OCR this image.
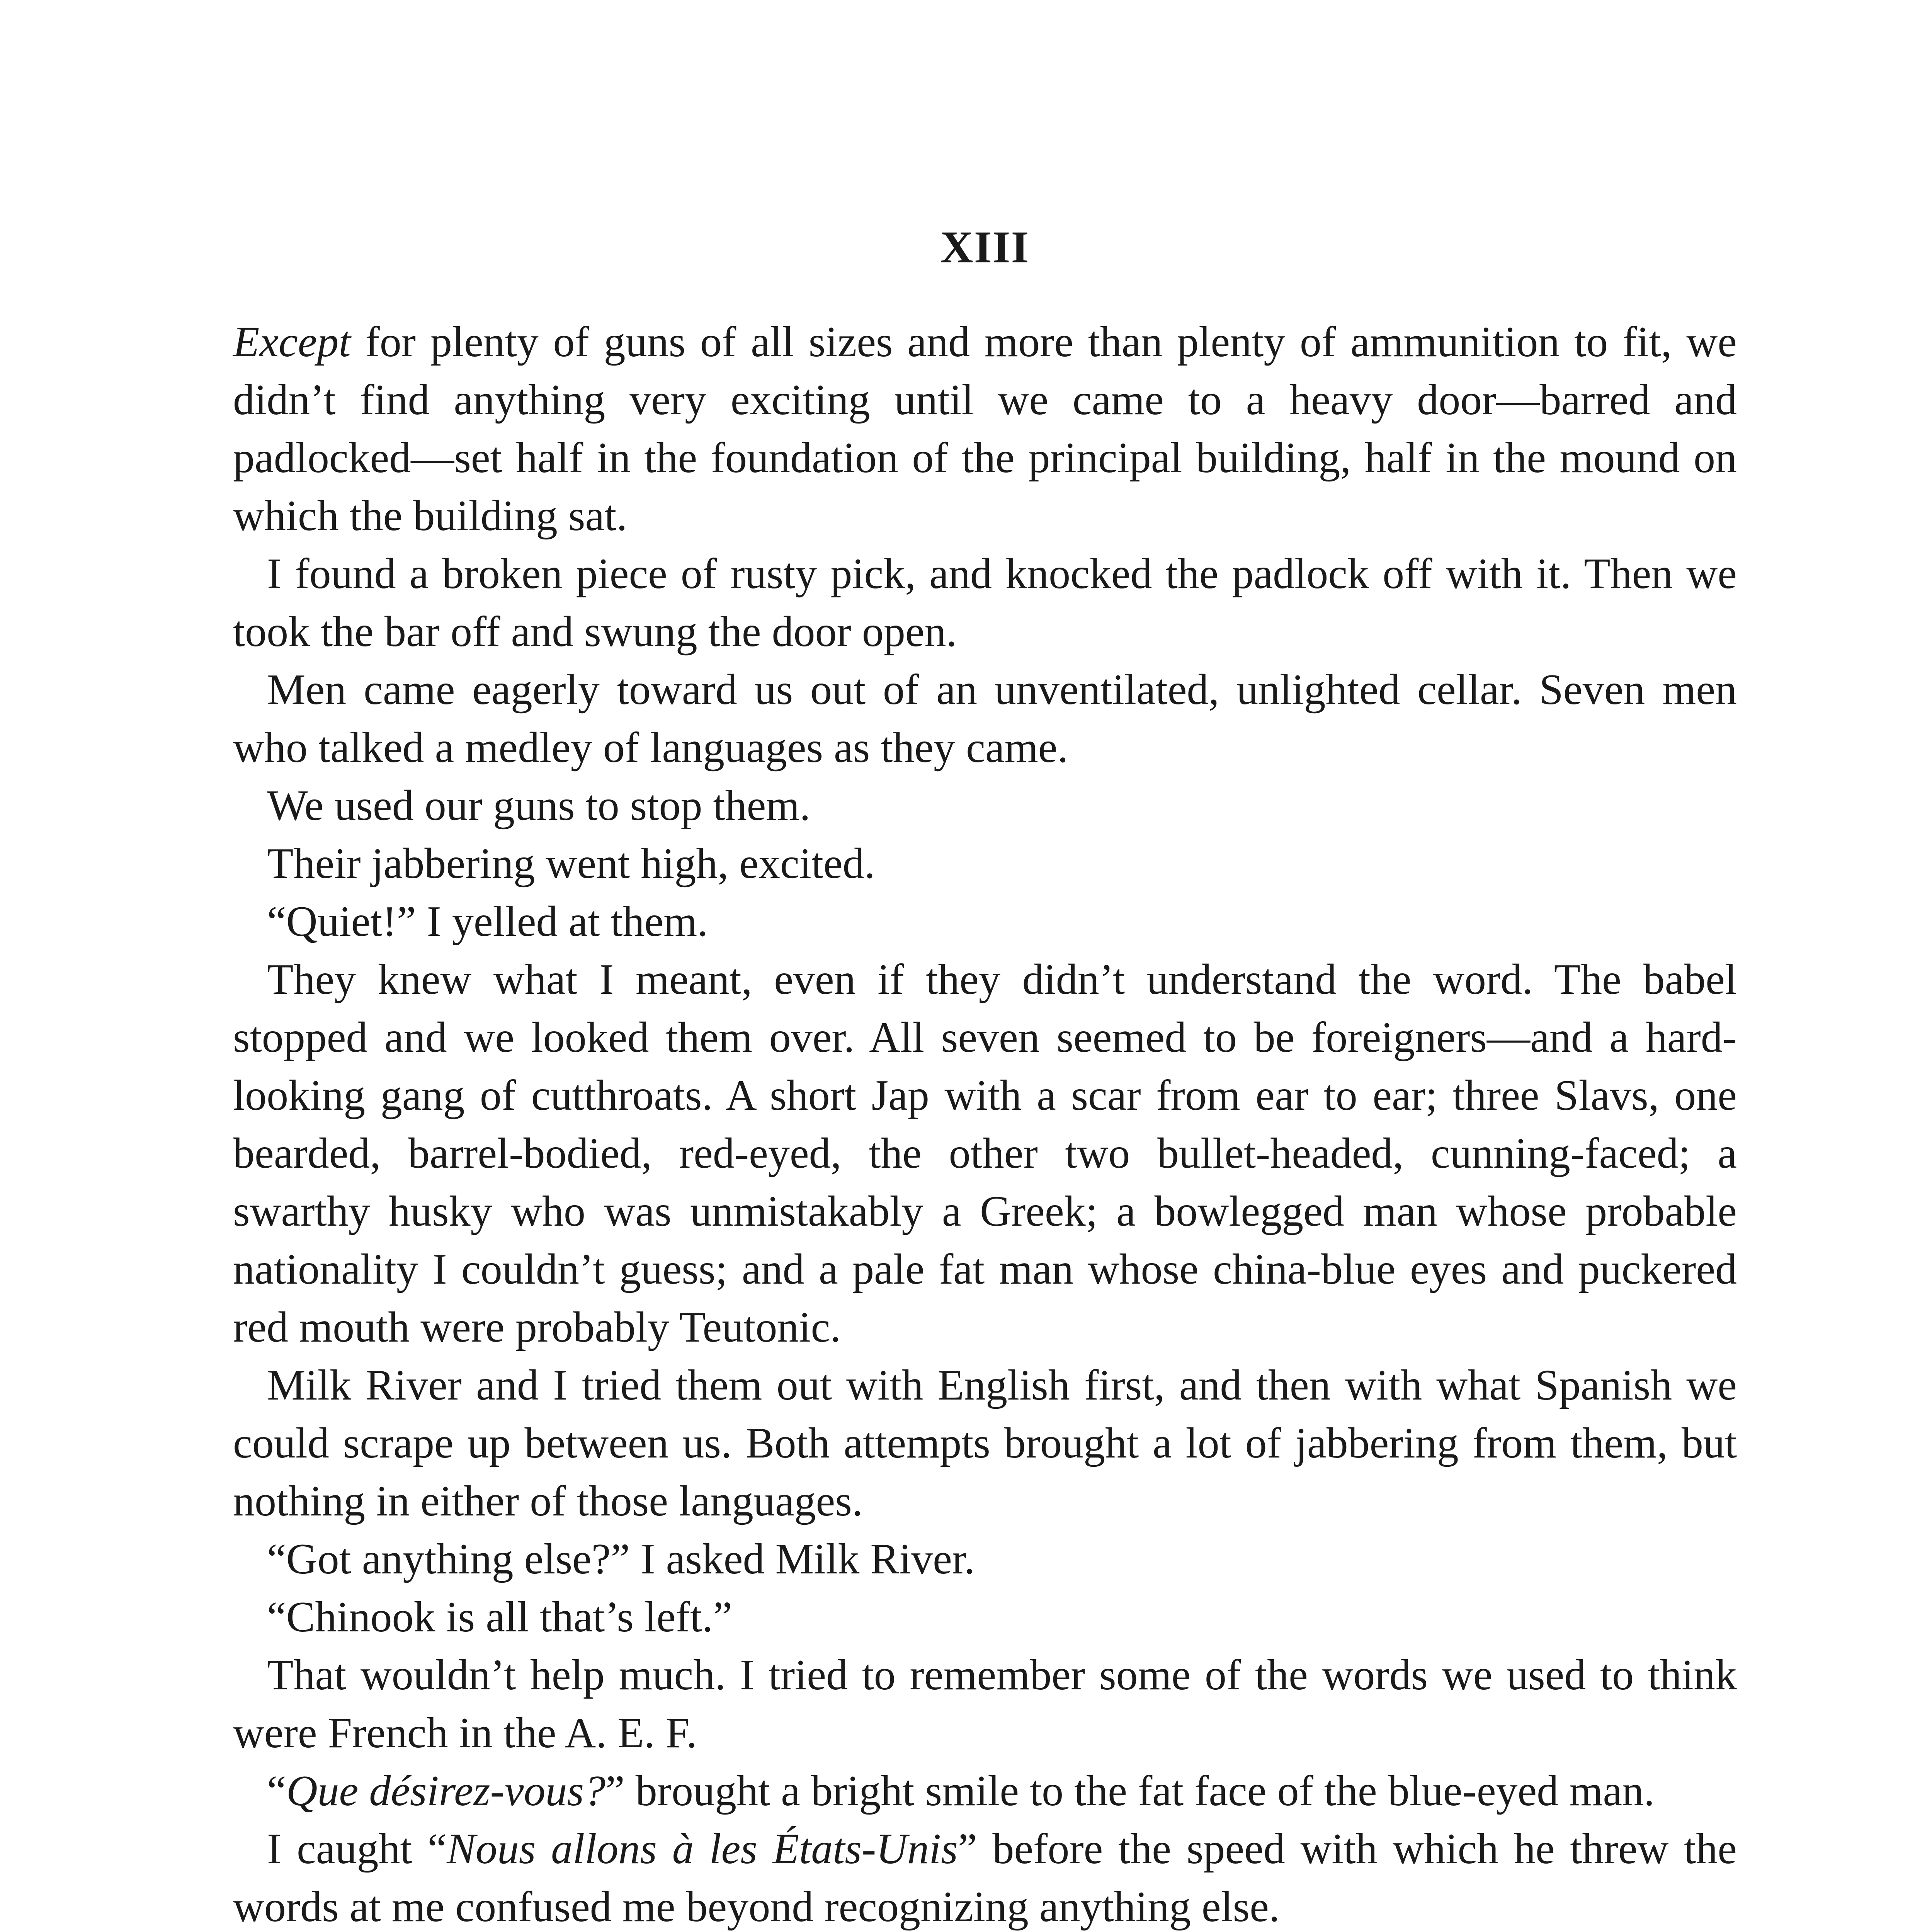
XIII

Except for plenty of guns of all sizes and more than plenty of ammunition to fit, we didn’t find anything very exciting until we came to a heavy door—barred and padlocked—set half in the foundation of the principal building, half in the mound on which the building sat.

I found a broken piece of rusty pick, and knocked the padlock off with it. Then we took the bar off and swung the door open.

Men came eagerly toward us out of an unventilated, unlighted cellar. Seven men who talked a medley of languages as they came.

We used our guns to stop them.

Their jabbering went high, excited.

“Quiet!” I yelled at them.

They knew what I meant, even if they didn’t understand the word. The babel stopped and we looked them over. All seven seemed to be foreigners—and a hard-looking gang of cutthroats. A short Jap with a scar from ear to ear; three Slavs, one bearded, barrel-bodied, red-eyed, the other two bullet-headed, cunning-faced; a swarthy husky who was unmistakably a Greek; a bowlegged man whose probable nationality I couldn’t guess; and a pale fat man whose china-blue eyes and puckered red mouth were probably Teutonic.

Milk River and I tried them out with English first, and then with what Spanish we could scrape up between us. Both attempts brought a lot of jabbering from them, but nothing in either of those languages.

“Got anything else?” I asked Milk River.

“Chinook is all that’s left.”

That wouldn’t help much. I tried to remember some of the words we used to think were French in the A. E. F.

“Que désirez-vous?” brought a bright smile to the fat face of the blue-eyed man.

I caught “Nous allons à les États-Unis” before the speed with which he threw the words at me confused me beyond recognizing anything else.
